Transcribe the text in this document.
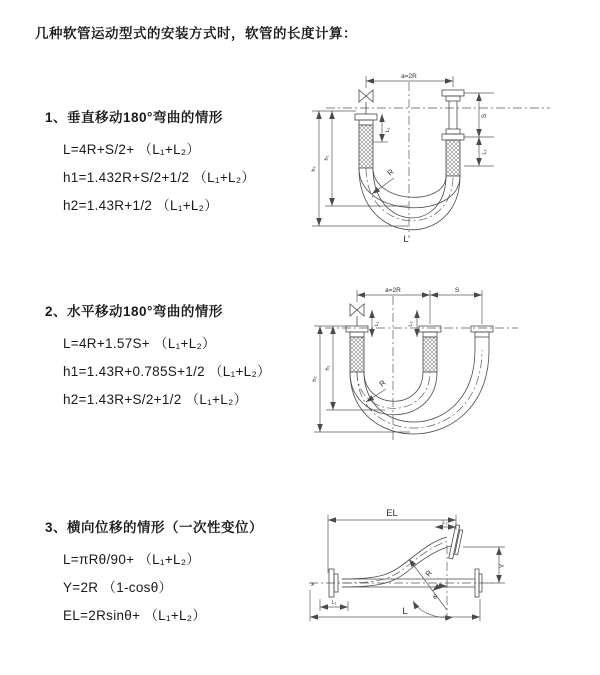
几种软管运动型式的安装方式时，软管的长度计算：
1、垂直移动180°弯曲的情形
L=4R+S/2+ （L₁+L₂）
h1=1.432R+S/2+1/2 （L₁+L₂）
h2=1.43R+1/2 （L₁+L₂）
2、水平移动180°弯曲的情形
L=4R+1.57S+ （L₁+L₂）
h1=1.43R+0.785S+1/2 （L₁+L₂）
h2=1.43R+S/2+1/2 （L₁+L₂）
3、横向位移的情形（一次性变位）
L=πRθ/90+ （L₁+L₂）
Y=2R （1-cosθ）
EL=2Rsinθ+ （L₁+L₂）
a=2R
L₁
S
L₂
h₁
h₂	R
L
a=2R	S
L₁	L₂
h₁
h₂	R
EL
L₂
Y
x
R
θ
L₁
L
